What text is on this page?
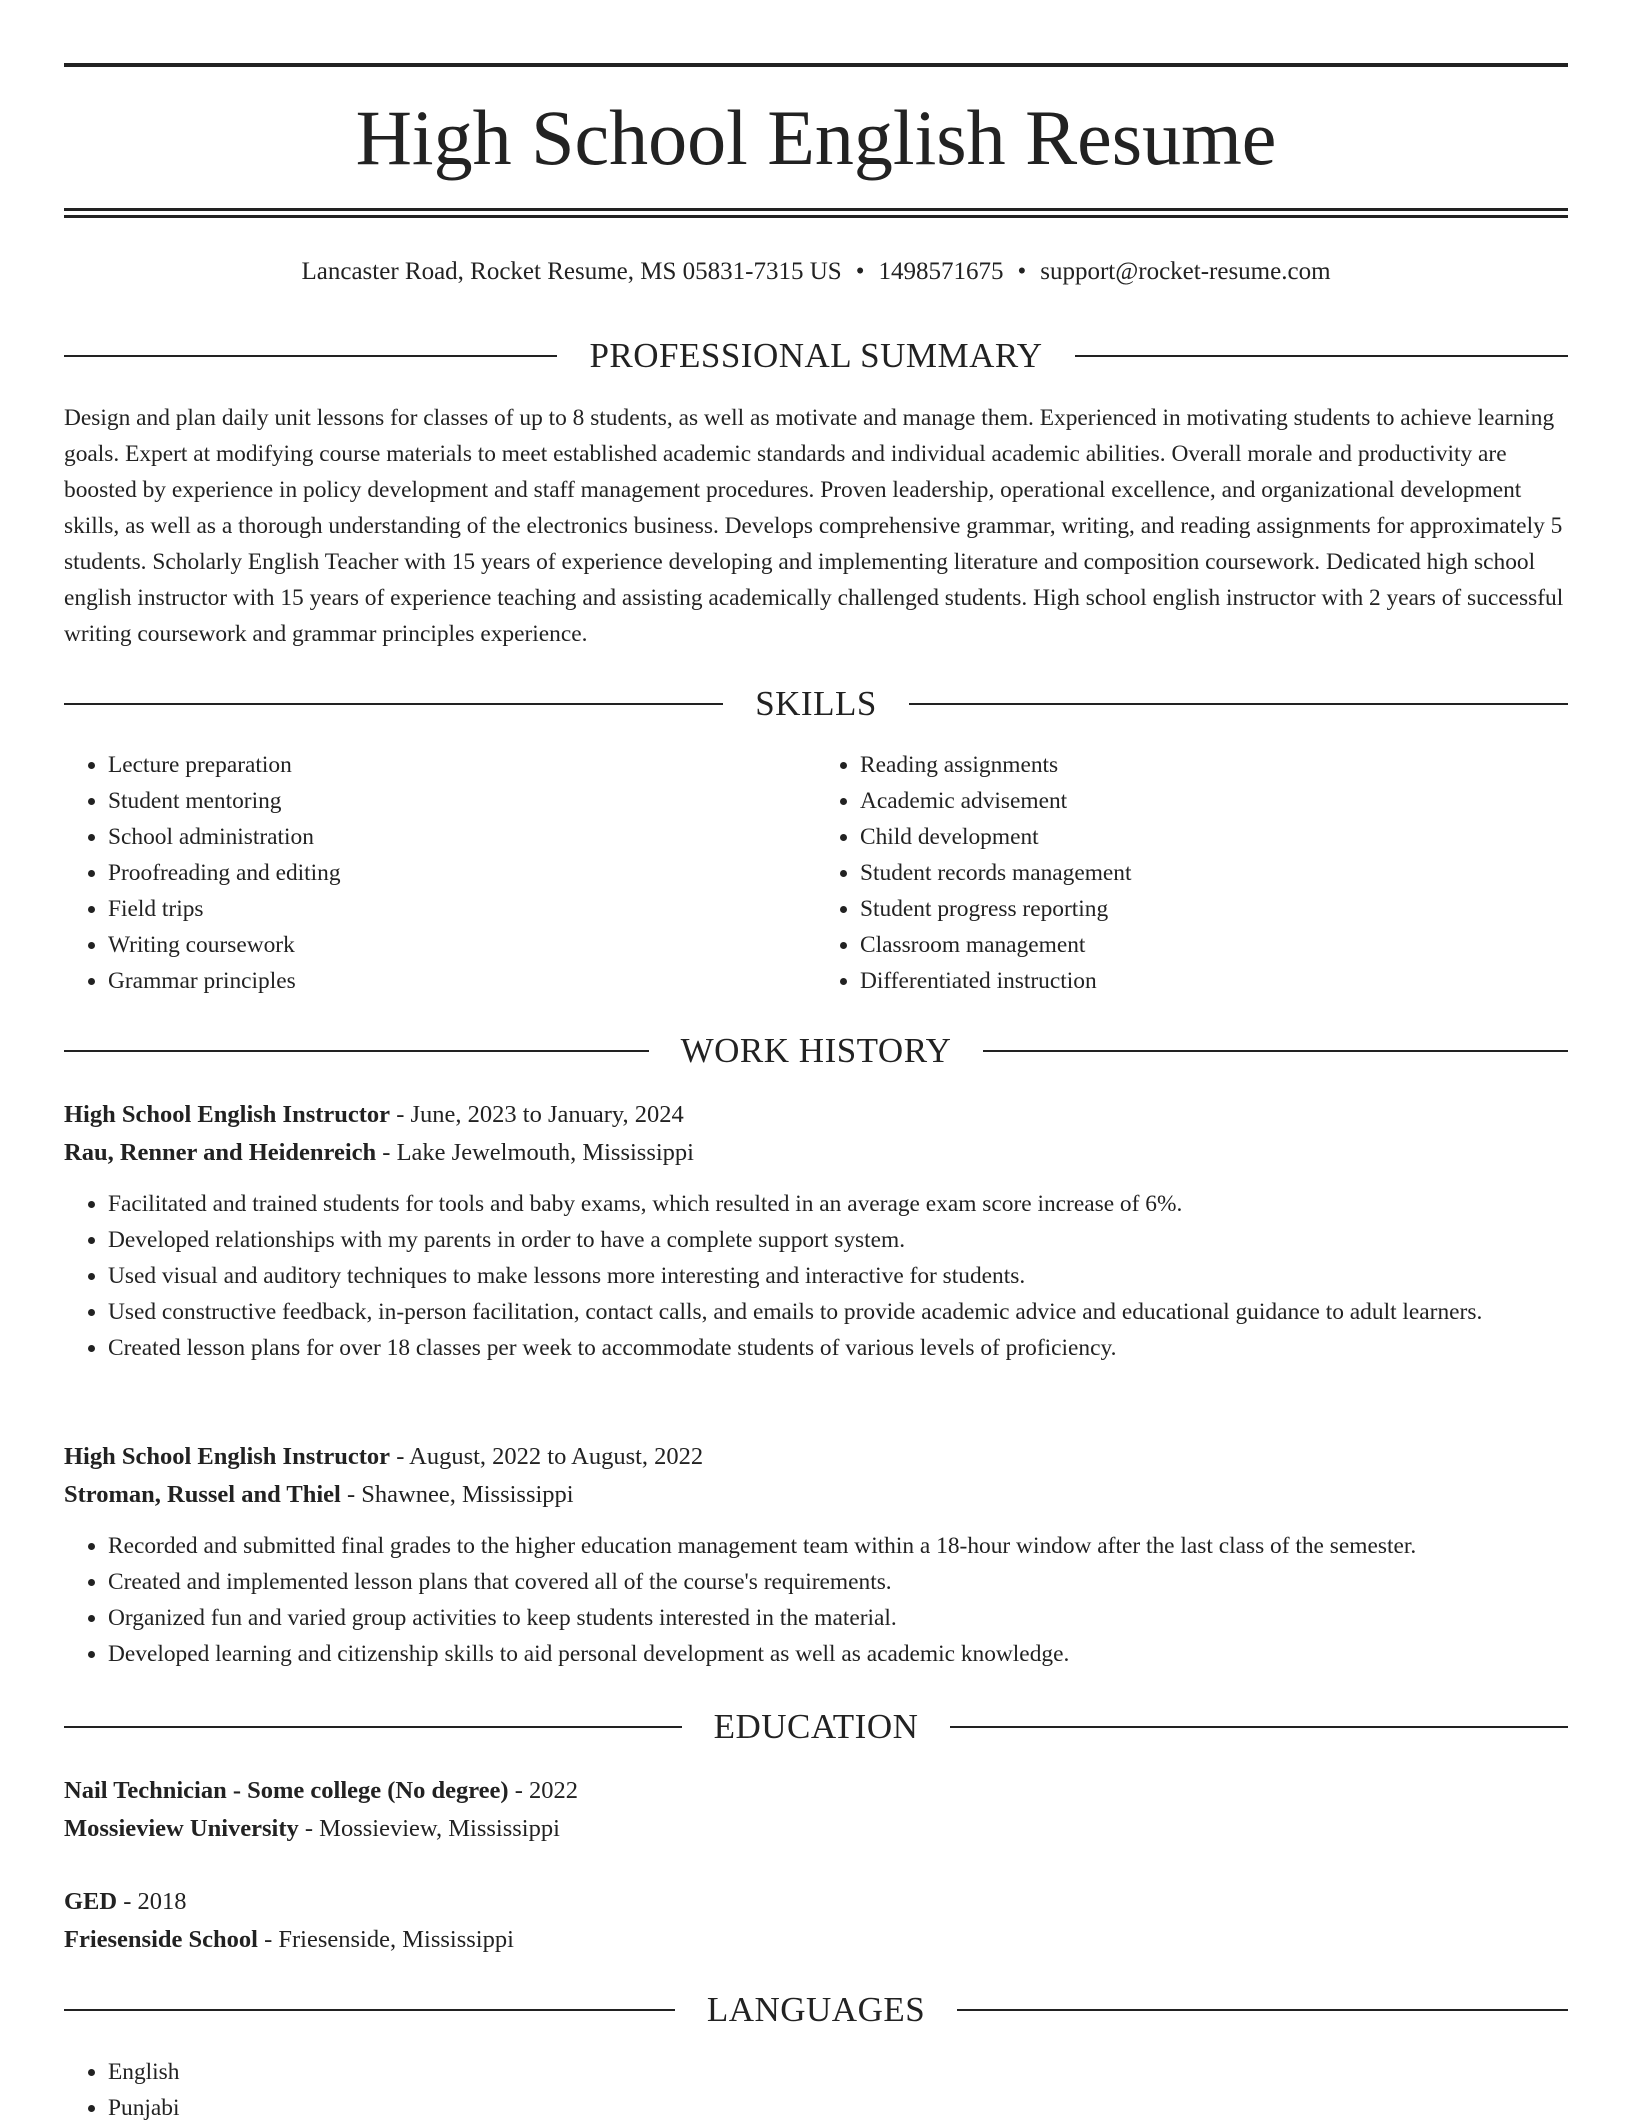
High School English Resume
Lancaster Road, Rocket Resume, MS 05831-7315 US • 1498571675 • support@rocket-resume.com
PROFESSIONAL SUMMARY

Design and plan daily unit lessons for classes of up to 8 students, as well as motivate and manage them. Experienced in motivating students to achieve learning goals. Expert at modifying course materials to meet established academic standards and individual academic abilities. Overall morale and productivity are boosted by experience in policy development and staff management procedures. Proven leadership, operational excellence, and organizational development skills, as well as a thorough understanding of the electronics business. Develops comprehensive grammar, writing, and reading assignments for approximately 5 students. Scholarly English Teacher with 15 years of experience developing and implementing literature and composition coursework. Dedicated high school english instructor with 15 years of experience teaching and assisting academically challenged students. High school english instructor with 2 years of successful writing coursework and grammar principles experience.

SKILLS
• Lecture preparation
• Student mentoring
• School administration
• Proofreading and editing
• Field trips
• Writing coursework
• Grammar principles
• Reading assignments
• Academic advisement
• Child development
• Student records management
• Student progress reporting
• Classroom management
• Differentiated instruction
WORK HISTORY
High School English Instructor - June, 2023 to January, 2024
Rau, Renner and Heidenreich - Lake Jewelmouth, Mississippi
• Facilitated and trained students for tools and baby exams, which resulted in an average exam score increase of 6%.
• Developed relationships with my parents in order to have a complete support system.
• Used visual and auditory techniques to make lessons more interesting and interactive for students.
• Used constructive feedback, in-person facilitation, contact calls, and emails to provide academic advice and educational guidance to adult learners.
• Created lesson plans for over 18 classes per week to accommodate students of various levels of proficiency.
High School English Instructor - August, 2022 to August, 2022
Stroman, Russel and Thiel - Shawnee, Mississippi
• Recorded and submitted final grades to the higher education management team within a 18-hour window after the last class of the semester.
• Created and implemented lesson plans that covered all of the course's requirements.
• Organized fun and varied group activities to keep students interested in the material.
• Developed learning and citizenship skills to aid personal development as well as academic knowledge.
EDUCATION
Nail Technician - Some college (No degree) - 2022
Mossieview University - Mossieview, Mississippi
GED - 2018
Friesenside School - Friesenside, Mississippi
LANGUAGES
• English
• Punjabi
